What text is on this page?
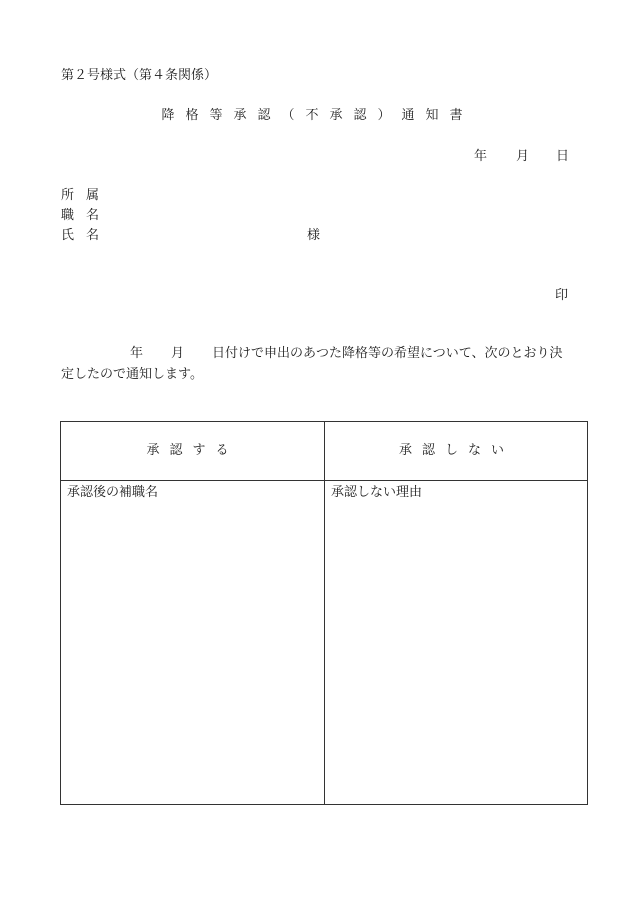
第２号様式（第４条関係）
降格等承認（不承認）通知書
年 月 日
所属
職名
氏名	様
印
年 月 日付けで申出のあつた降格等の希望について、次のとおり決
定したので通知します。
承認する	承認しない
承認後の補職名	承認しない理由
